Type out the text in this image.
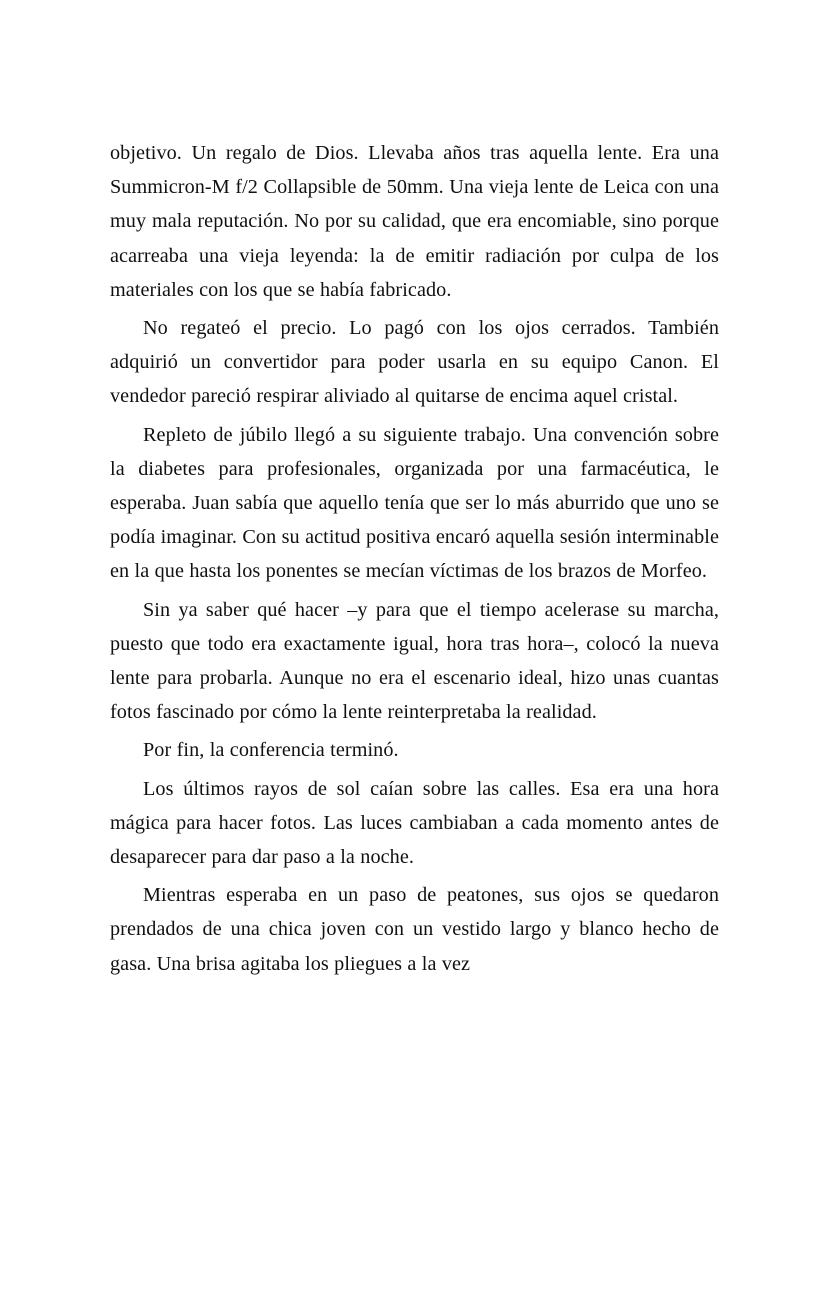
objetivo. Un regalo de Dios. Llevaba años tras aquella lente. Era una Summicron-M f/2 Collapsible de 50mm. Una vieja lente de Leica con una muy mala reputación. No por su calidad, que era encomiable, sino porque acarreaba una vieja leyenda: la de emitir radiación por culpa de los materiales con los que se había fabricado.

No regateó el precio. Lo pagó con los ojos cerrados. También adquirió un convertidor para poder usarla en su equipo Canon. El vendedor pareció respirar aliviado al quitarse de encima aquel cristal.

Repleto de júbilo llegó a su siguiente trabajo. Una convención sobre la diabetes para profesionales, organizada por una farmacéutica, le esperaba. Juan sabía que aquello tenía que ser lo más aburrido que uno se podía imaginar. Con su actitud positiva encaró aquella sesión interminable en la que hasta los ponentes se mecían víctimas de los brazos de Morfeo.

Sin ya saber qué hacer –y para que el tiempo acelerase su marcha, puesto que todo era exactamente igual, hora tras hora–, colocó la nueva lente para probarla. Aunque no era el escenario ideal, hizo unas cuantas fotos fascinado por cómo la lente reinterpretaba la realidad.

Por fin, la conferencia terminó.

Los últimos rayos de sol caían sobre las calles. Esa era una hora mágica para hacer fotos. Las luces cambiaban a cada momento antes de desaparecer para dar paso a la noche.

Mientras esperaba en un paso de peatones, sus ojos se quedaron prendados de una chica joven con un vestido largo y blanco hecho de gasa. Una brisa agitaba los pliegues a la vez
